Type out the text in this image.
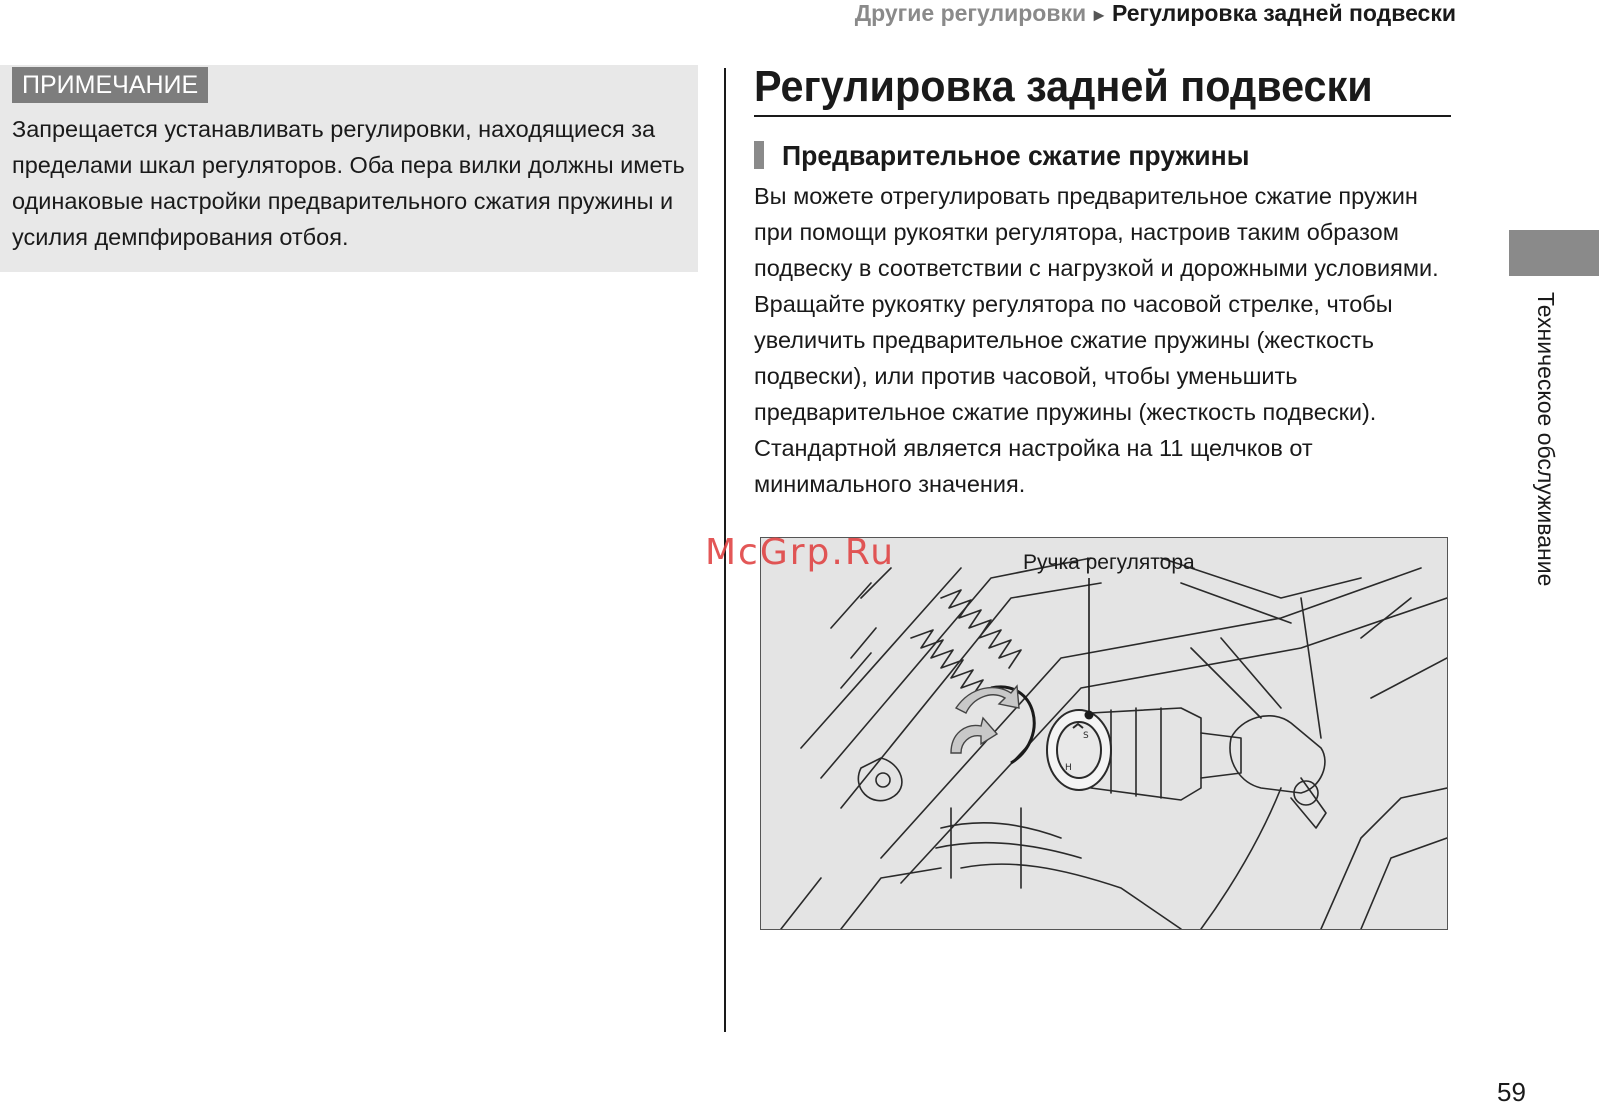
Другие регулировки ► Регулировка задней подвески
ПРИМЕЧАНИЕ

Запрещается устанавливать регулировки, находящиеся за пределами шкал регуляторов. Оба пера вилки должны иметь одинаковые настройки предварительного сжатия пружины и усилия демпфирования отбоя.

Регулировка задней подвески
Предварительное сжатие пружины

Вы можете отрегулировать предварительное сжатие пружин при помощи рукоятки регулятора, настроив таким образом подвеску в соответствии с нагрузкой и дорожными условиями. Вращайте рукоятку регулятора по часовой стрелке, чтобы увеличить предварительное сжатие пружины (жесткость подвески), или против часовой, чтобы уменьшить предварительное сжатие пружины (жесткость подвески). Стандартной является настройка на 11 щелчков от минимального значения.

S
H
Ручка регулятора
McGrp.Ru	Техническое обслуживание
59
